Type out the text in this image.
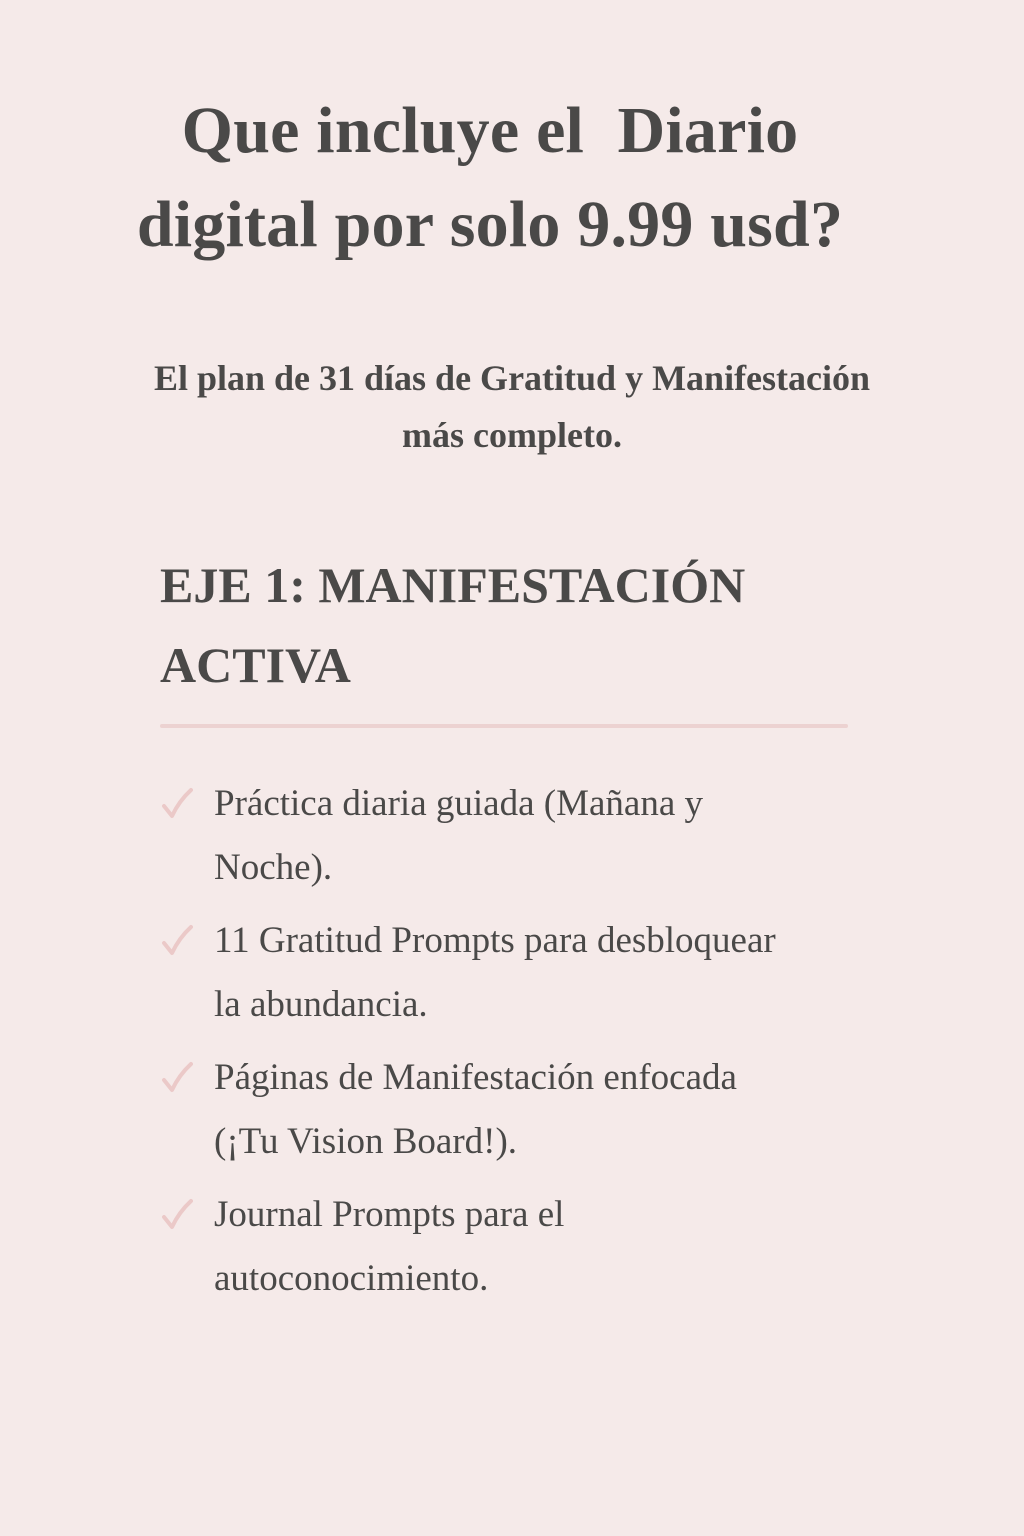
Que incluye el  Diario
digital por solo 9.99 usd?

El plan de 31 días de Gratitud y Manifestación
más completo.

EJE 1: MANIFESTACIÓN
ACTIVA
Práctica diaria guiada (Mañana y
Noche).
11 Gratitud Prompts para desbloquear
la abundancia.
Páginas de Manifestación enfocada
(¡Tu Vision Board!).
Journal Prompts para el
autoconocimiento.
